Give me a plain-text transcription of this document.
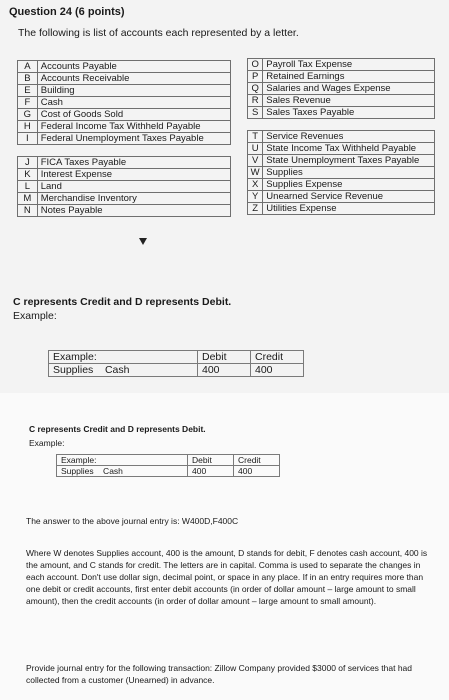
Question 24 (6 points)
The following is list of accounts each represented by a letter.
A	Accounts Payable
B	Accounts Receivable
E	Building
F	Cash
G	Cost of Goods Sold
H	Federal Income Tax Withheld Payable
I	Federal Unemployment Taxes Payable

J	FICA Taxes Payable
K	Interest Expense
L	Land
M	Merchandise Inventory
N	Notes Payable
O	Payroll Tax Expense
P	Retained Earnings
Q	Salaries and Wages Expense
R	Sales Revenue
S	Sales Taxes Payable

T	Service Revenues
U	State Income Tax Withheld Payable
V	State Unemployment Taxes Payable
W	Supplies
X	Supplies Expense
Y	Unearned Service Revenue
Z	Utilities Expense
C represents Credit and D represents Debit.
Example:
Example:	Debit	Credit
Supplies    Cash	400	400
C represents Credit and D represents Debit.
Example:
Example:	Debit	Credit
Supplies    Cash	400	400
The answer to the above journal entry is: W400D,F400C
Where W denotes Supplies account, 400 is the amount, D stands for debit, F denotes cash account, 400 is the amount, and C stands for credit. The letters are in capital. Comma is used to separate the changes in each account. Don't use dollar sign, decimal point, or space in any place. If in an entry requires more than one debit or credit accounts, first enter debit accounts (in order of dollar amount – large amount to small amount), then the credit accounts (in order of dollar amount – large amount to small amount).
Provide journal entry for the following transaction: Zillow Company provided $3000 of services that had collected from a customer (Unearned) in advance.
